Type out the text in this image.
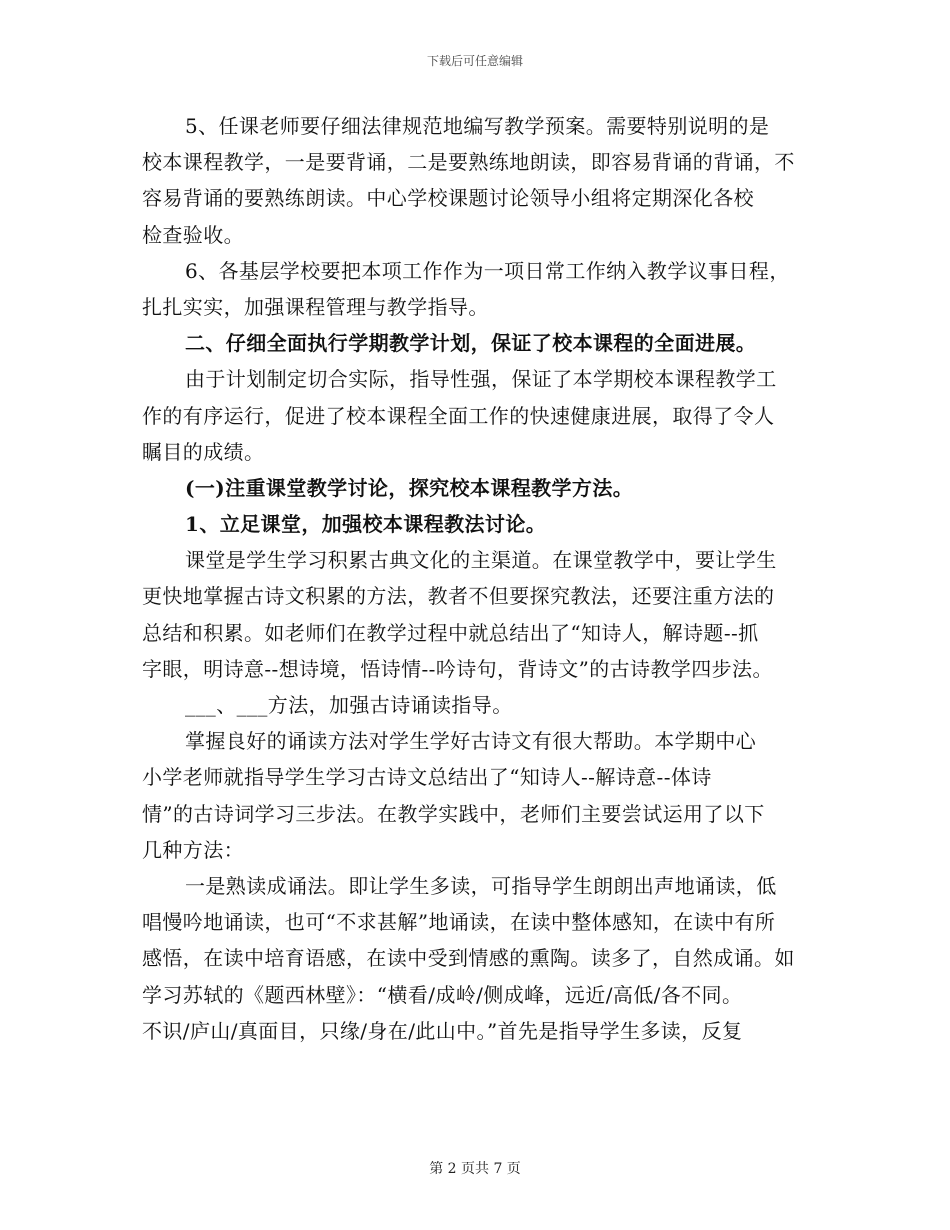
下载后可任意编辑
5、任课老师要仔细法律规范地编写教学预案。需要特别说明的是
校本课程教学，一是要背诵，二是要熟练地朗读，即容易背诵的背诵，不
容易背诵的要熟练朗读。中心学校课题讨论领导小组将定期深化各校
检查验收。
6、各基层学校要把本项工作作为一项日常工作纳入教学议事日程，
扎扎实实，加强课程管理与教学指导。
二、仔细全面执行学期教学计划，保证了校本课程的全面进展。
由于计划制定切合实际，指导性强，保证了本学期校本课程教学工
作的有序运行，促进了校本课程全面工作的快速健康进展，取得了令人
瞩目的成绩。
(一)注重课堂教学讨论，探究校本课程教学方法。
1、立足课堂，加强校本课程教法讨论。
课堂是学生学习积累古典文化的主渠道。在课堂教学中，要让学生
更快地掌握古诗文积累的方法，教者不但要探究教法，还要注重方法的
总结和积累。如老师们在教学过程中就总结出了“知诗人，解诗题--抓
字眼，明诗意--想诗境，悟诗情--吟诗句，背诗文”的古诗教学四步法。
___、___方法，加强古诗诵读指导。
掌握良好的诵读方法对学生学好古诗文有很大帮助。本学期中心
小学老师就指导学生学习古诗文总结出了“知诗人--解诗意--体诗
情”的古诗词学习三步法。在教学实践中，老师们主要尝试运用了以下
几种方法：
一是熟读成诵法。即让学生多读，可指导学生朗朗出声地诵读，低
唱慢吟地诵读，也可“不求甚解”地诵读，在读中整体感知，在读中有所
感悟，在读中培育语感，在读中受到情感的熏陶。读多了，自然成诵。如
学习苏轼的《题西林壁》：“横看/成岭/侧成峰，远近/高低/各不同。
不识/庐山/真面目，只缘/身在/此山中。”首先是指导学生多读，反复
第 2 页共 7 页
